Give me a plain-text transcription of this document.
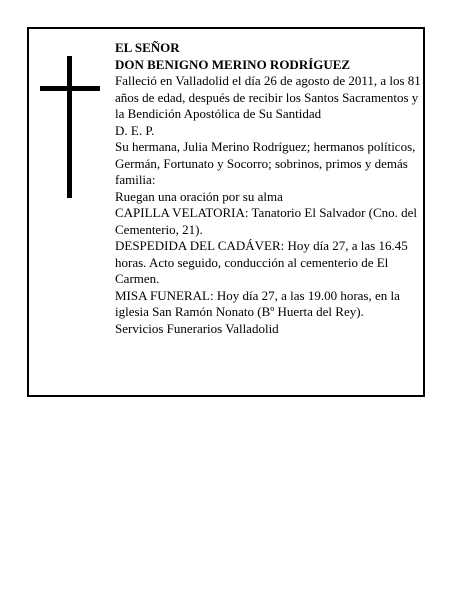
EL SEÑOR

DON BENIGNO MERINO RODRÍGUEZ

Falleció en Valladolid el día 26 de agosto de 2011, a los 81 años de edad, después de recibir los Santos Sacramentos y la Bendición Apostólica de Su Santidad

D. E. P.

Su hermana, Julia Merino Rodríguez; hermanos políticos, Germán, Fortunato y Socorro; sobrinos, primos y demás familia:

Ruegan una oración por su alma

CAPILLA VELATORIA: Tanatorio El Salvador (Cno. del Cementerio, 21).

DESPEDIDA DEL CADÁVER: Hoy día 27, a las 16.45 horas. Acto seguido, conducción al cementerio de El Carmen.

MISA FUNERAL: Hoy día 27, a las 19.00 horas, en la iglesia San Ramón Nonato (Bº Huerta del Rey).

Servicios Funerarios Valladolid
